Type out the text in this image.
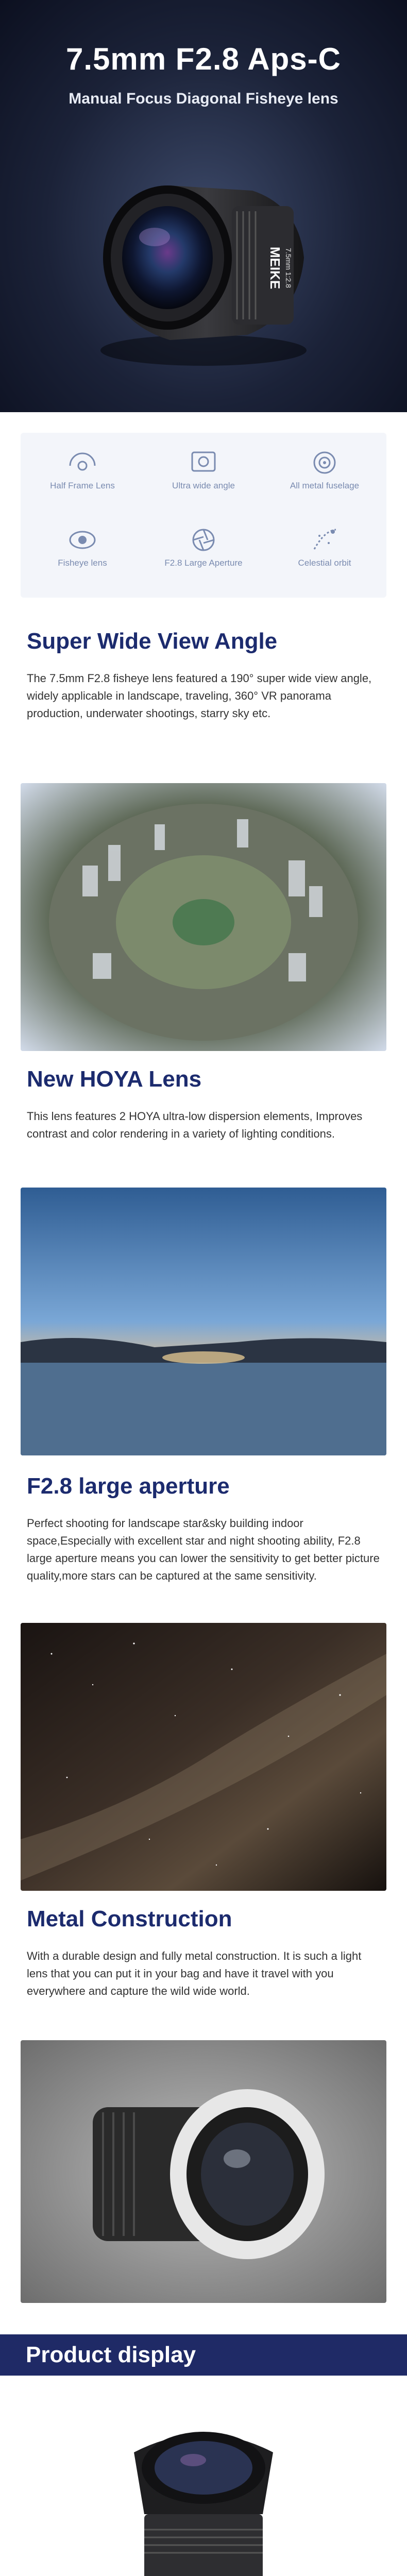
7.5mm F2.8 Aps-C
Manual Focus Diagonal Fisheye lens
MEIKE 7.5mm 1:2.8
Half Frame Lens	Ultra wide angle	All metal fuselage
Fisheye lens	F2.8 Large Aperture	Celestial orbit
Super Wide View Angle
The 7.5mm F2.8 fisheye lens featured a 190° super wide view angle, widely applicable in landscape, traveling, 360° VR panorama production, underwater shootings, starry sky etc.
New HOYA Lens
This lens features 2 HOYA ultra-low dispersion elements, Improves contrast and color rendering in a variety of lighting conditions.
F2.8 large aperture
Perfect shooting for landscape star&sky building indoor space,Especially with excellent star and night shooting ability, F2.8 large aperture means you can lower the sensitivity to get better picture quality,more stars can be captured at the same sensitivity.
Metal Construction
With a durable design and fully metal construction. It is such a light lens that you can put it in your bag and have it travel with you everywhere and capture the wild wide world.
Product display
